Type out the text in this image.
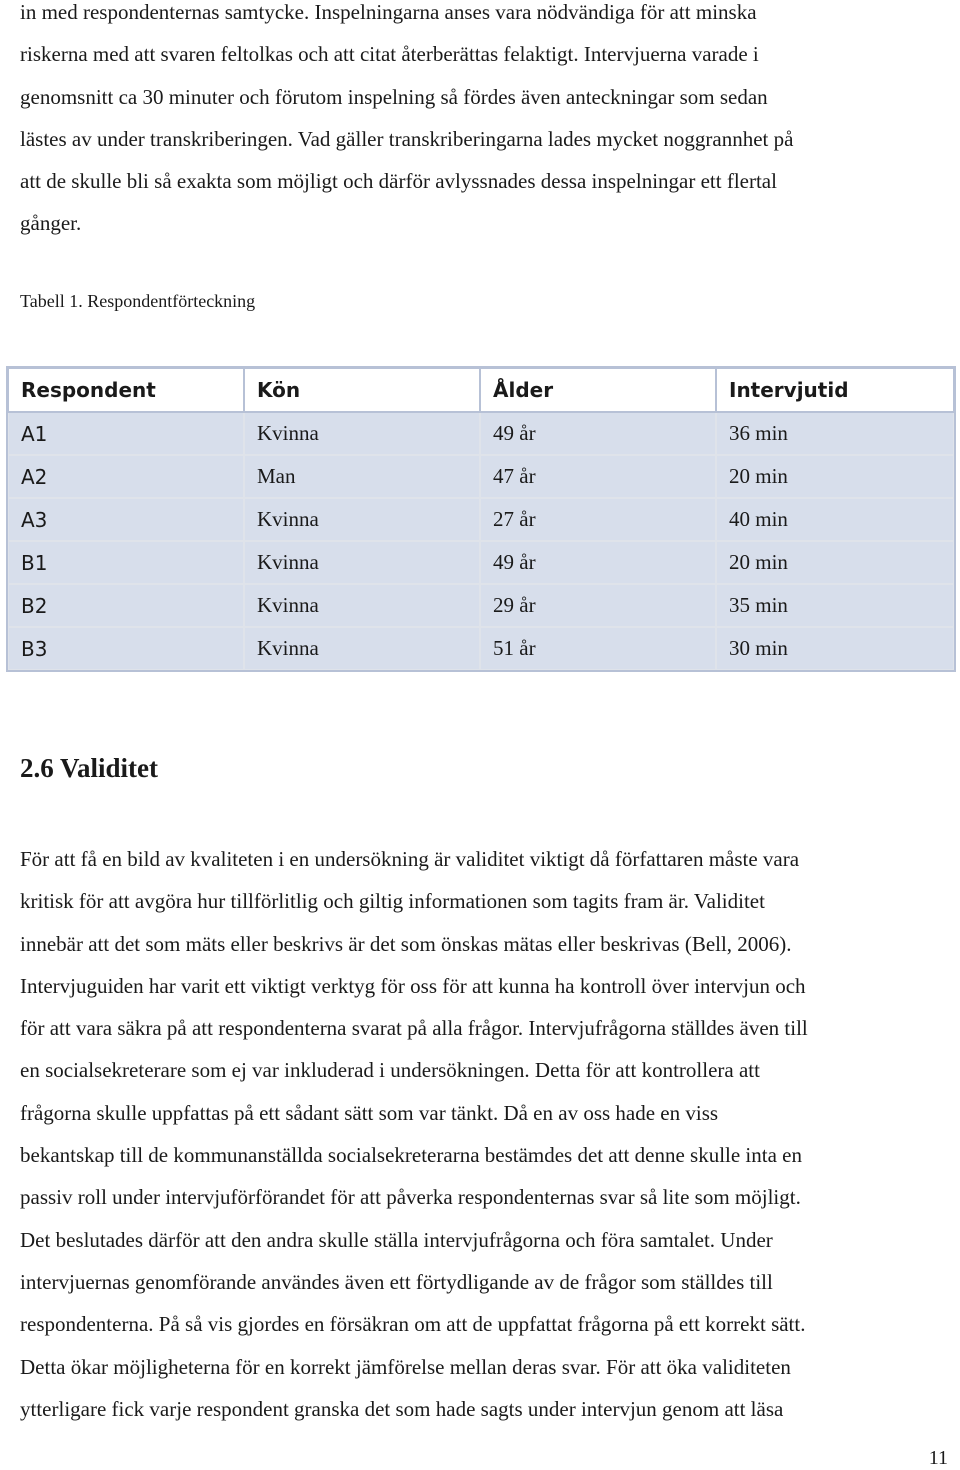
in med respondenternas samtycke. Inspelningarna anses vara nödvändiga för att minska
riskerna med att svaren feltolkas och att citat återberättas felaktigt. Intervjuerna varade i
genomsnitt ca 30 minuter och förutom inspelning så fördes även anteckningar som sedan
lästes av under transkriberingen. Vad gäller transkriberingarna lades mycket noggrannhet på
att de skulle bli så exakta som möjligt och därför avlyssnades dessa inspelningar ett flertal
gånger.
Tabell 1. Respondentförteckning
Respondent	Kön	Ålder	Intervjutid
A1	Kvinna	49 år	36 min
A2	Man	47 år	20 min
A3	Kvinna	27 år	40 min
B1	Kvinna	49 år	20 min
B2	Kvinna	29 år	35 min
B3	Kvinna	51 år	30 min
2.6 Validitet
För att få en bild av kvaliteten i en undersökning är validitet viktigt då författaren måste vara
kritisk för att avgöra hur tillförlitlig och giltig informationen som tagits fram är. Validitet
innebär att det som mäts eller beskrivs är det som önskas mätas eller beskrivas (Bell, 2006).
Intervjuguiden har varit ett viktigt verktyg för oss för att kunna ha kontroll över intervjun och
för att vara säkra på att respondenterna svarat på alla frågor. Intervjufrågorna ställdes även till
en socialsekreterare som ej var inkluderad i undersökningen. Detta för att kontrollera att
frågorna skulle uppfattas på ett sådant sätt som var tänkt. Då en av oss hade en viss
bekantskap till de kommunanställda socialsekreterarna bestämdes det att denne skulle inta en
passiv roll under intervjuförförandet för att påverka respondenternas svar så lite som möjligt.
Det beslutades därför att den andra skulle ställa intervjufrågorna och föra samtalet. Under
intervjuernas genomförande användes även ett förtydligande av de frågor som ställdes till
respondenterna. På så vis gjordes en försäkran om att de uppfattat frågorna på ett korrekt sätt.
Detta ökar möjligheterna för en korrekt jämförelse mellan deras svar. För att öka validiteten
ytterligare fick varje respondent granska det som hade sagts under intervjun genom att läsa
11
